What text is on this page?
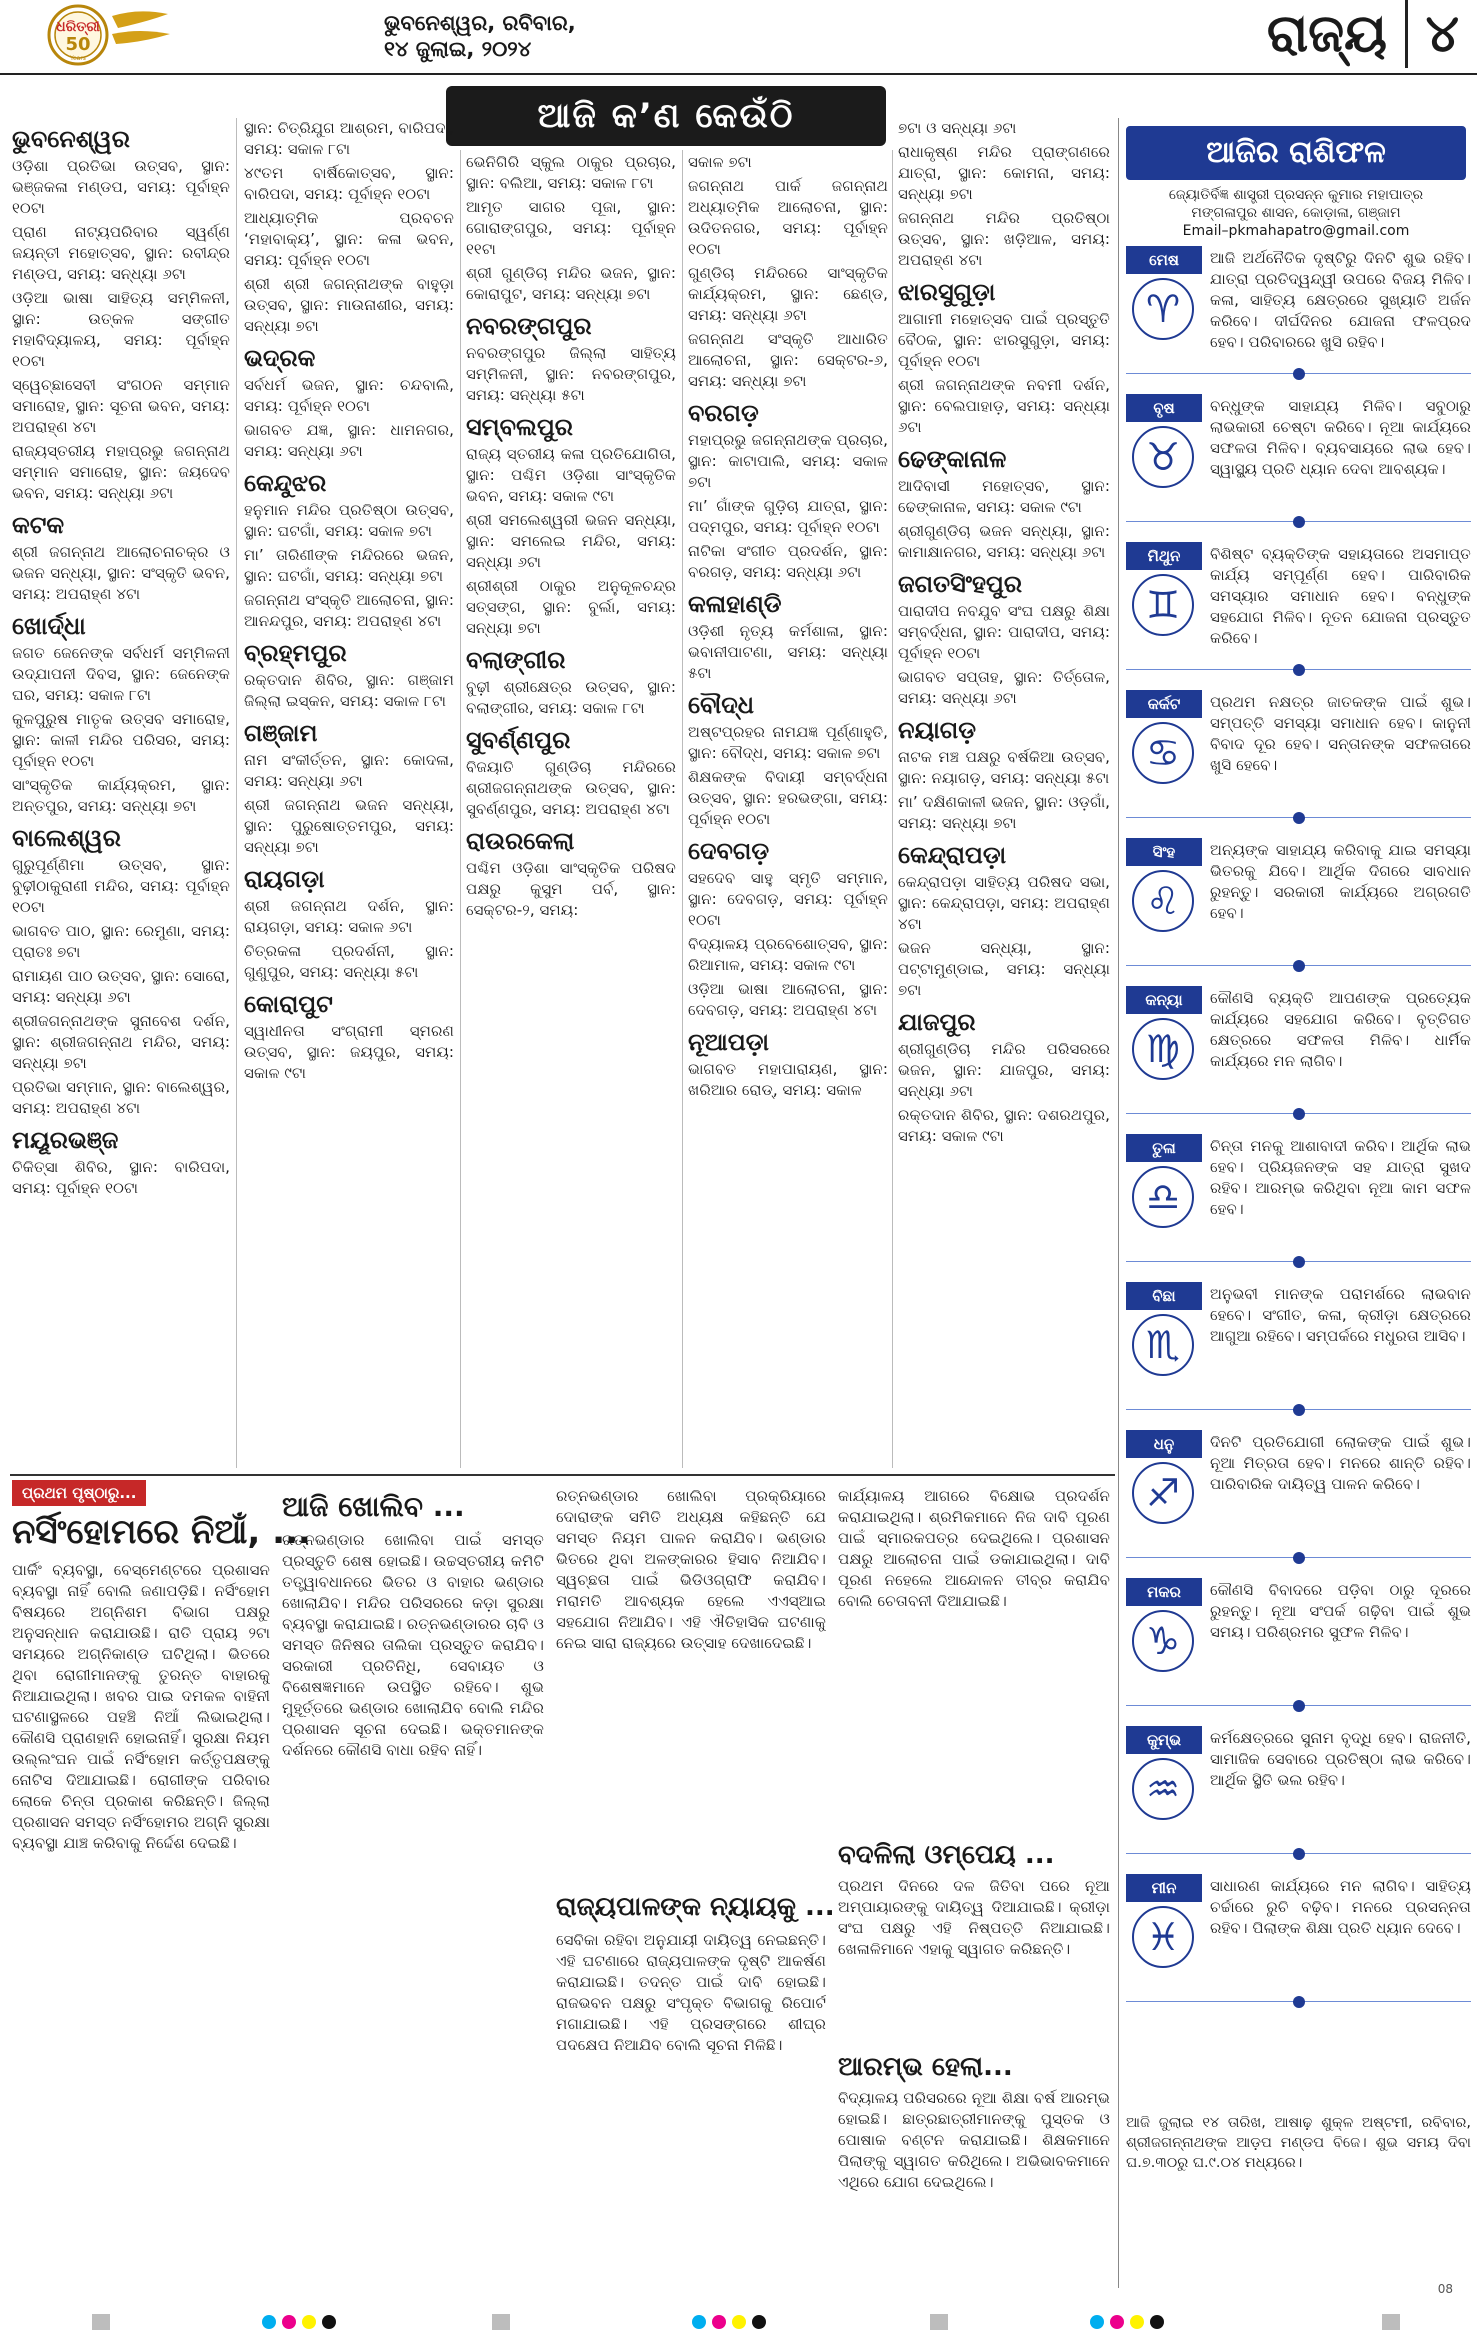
ଧରିତ୍ରୀ
50
Years
ଭୁବନେଶ୍ୱର, ରବିବାର,
୧୪ ଜୁଲାଇ, ୨୦୨୪	ରାଜ୍ୟ ୪
ଆଜି କ’ଣ କେଉଁଠି
ଭୁବନେଶ୍ୱର
ଓଡ଼ିଶା ପ୍ରତିଭା ଉତ୍ସବ, ସ୍ଥାନ: ଭଞ୍ଜକଳା ମଣ୍ଡପ, ସମୟ: ପୂର୍ବାହ୍ନ ୧୦ଟା
ପ୍ରାଣ ନାଟ୍ୟପରିବାର ସ୍ୱର୍ଣ୍ଣ ଜୟନ୍ତୀ ମହୋତ୍ସବ, ସ୍ଥାନ: ରବୀନ୍ଦ୍ର ମଣ୍ଡପ, ସମୟ: ସନ୍ଧ୍ୟା ୬ଟା
ଓଡ଼ିଆ ଭାଷା ସାହିତ୍ୟ ସମ୍ମିଳନୀ, ସ୍ଥାନ: ଉତ୍କଳ ସଙ୍ଗୀତ ମହାବିଦ୍ୟାଳୟ, ସମୟ: ପୂର୍ବାହ୍ନ ୧୦ଟା
ସ୍ୱେଚ୍ଛାସେବୀ ସଂଗଠନ ସମ୍ମାନ ସମାରୋହ, ସ୍ଥାନ: ସୂଚନା ଭବନ, ସମୟ: ଅପରାହ୍ଣ ୪ଟା
ରାଜ୍ୟସ୍ତରୀୟ ମହାପ୍ରଭୁ ଜଗନ୍ନାଥ ସମ୍ମାନ ସମାରୋହ, ସ୍ଥାନ: ଜୟଦେବ ଭବନ, ସମୟ: ସନ୍ଧ୍ୟା ୬ଟା
କଟକ
ଶ୍ରୀ ଜଗନ୍ନାଥ ଆଲୋଚନାଚକ୍ର ଓ ଭଜନ ସନ୍ଧ୍ୟା, ସ୍ଥାନ: ସଂସ୍କୃତି ଭବନ, ସମୟ: ଅପରାହ୍ଣ ୪ଟା
ଖୋର୍ଦ୍ଧା
ଜଗତ ଜେନେଙ୍କ ସର୍ବଧର୍ମ ସମ୍ମିଳନୀ ଉଦ୍‌ଯାପନୀ ଦିବସ, ସ୍ଥାନ: ଜେନେଙ୍କ ଘର, ସମୟ: ସକାଳ ୮ଟା
କୁଳପୁରୁଷ ମାତୃକ ଉତ୍ସବ ସମାରୋହ, ସ୍ଥାନ: କାଳୀ ମନ୍ଦିର ପରିସର, ସମୟ: ପୂର୍ବାହ୍ନ ୧୦ଟା
ସାଂସ୍କୃତିକ କାର୍ଯ୍ୟକ୍ରମ, ସ୍ଥାନ: ଅନ୍ତପୁର, ସମୟ: ସନ୍ଧ୍ୟା ୭ଟା
ବାଲେଶ୍ୱର
ଗୁରୁପୂର୍ଣ୍ଣିମା ଉତ୍ସବ, ସ୍ଥାନ: ବୁଢ଼ୀଠାକୁରାଣୀ ମନ୍ଦିର, ସମୟ: ପୂର୍ବାହ୍ନ ୧୦ଟା
ଭାଗବତ ପାଠ, ସ୍ଥାନ: ରେମୁଣା, ସମୟ: ପ୍ରାତଃ ୭ଟା
ରାମାୟଣ ପାଠ ଉତ୍ସବ, ସ୍ଥାନ: ସୋରୋ, ସମୟ: ସନ୍ଧ୍ୟା ୬ଟା
ଶ୍ରୀଜଗନ୍ନାଥଙ୍କ ସୁନାବେଶ ଦର୍ଶନ, ସ୍ଥାନ: ଶ୍ରୀଜଗନ୍ନାଥ ମନ୍ଦିର, ସମୟ: ସନ୍ଧ୍ୟା ୭ଟା
ପ୍ରତିଭା ସମ୍ମାନ, ସ୍ଥାନ: ବାଲେଶ୍ୱର, ସମୟ: ଅପରାହ୍ଣ ୪ଟା
ମୟୂରଭଞ୍ଜ
ଚିକିତ୍ସା ଶିବିର, ସ୍ଥାନ: ବାରିପଦା, ସମୟ: ପୂର୍ବାହ୍ନ ୧୦ଟା
ସ୍ଥାନ: ଚିତ୍ରିଯୁଗ ଆଶ୍ରମ, ବାରିପଦା, ସମୟ: ସକାଳ ୮ଟା
୪୯ତମ ବାର୍ଷିକୋତ୍ସବ, ସ୍ଥାନ: ବାରିପଦା, ସମୟ: ପୂର୍ବାହ୍ନ ୧୦ଟା
ଆଧ୍ୟାତ୍ମିକ ପ୍ରବଚନ ‘ମହାବାକ୍ୟ’, ସ୍ଥାନ: କଳା ଭବନ, ସମୟ: ପୂର୍ବାହ୍ନ ୧୦ଟା
ଶ୍ରୀ ଶ୍ରୀ ଜଗନ୍ନାଥଙ୍କ ବାହୁଡ଼ା ଉତ୍ସବ, ସ୍ଥାନ: ମାଉନାଶୀର, ସମୟ: ସନ୍ଧ୍ୟା ୭ଟା
ଭଦ୍ରକ
ସର୍ବଧର୍ମ ଭଜନ, ସ୍ଥାନ: ଚନ୍ଦବାଲି, ସମୟ: ପୂର୍ବାହ୍ନ ୧୦ଟା
ଭାଗବତ ଯଜ୍ଞ, ସ୍ଥାନ: ଧାମନଗର, ସମୟ: ସନ୍ଧ୍ୟା ୬ଟା
କେନ୍ଦୁଝର
ହନୁମାନ ମନ୍ଦିର ପ୍ରତିଷ୍ଠା ଉତ୍ସବ, ସ୍ଥାନ: ଘଟଗାଁ, ସମୟ: ସକାଳ ୭ଟା
ମା’ ତାରିଣୀଙ୍କ ମନ୍ଦିରରେ ଭଜନ, ସ୍ଥାନ: ଘଟଗାଁ, ସମୟ: ସନ୍ଧ୍ୟା ୭ଟା
ଜଗନ୍ନାଥ ସଂସ୍କୃତି ଆଲୋଚନା, ସ୍ଥାନ: ଆନନ୍ଦପୁର, ସମୟ: ଅପରାହ୍ଣ ୪ଟା
ବ୍ରହ୍ମପୁର
ରକ୍ତଦାନ ଶିବିର, ସ୍ଥାନ: ଗଞ୍ଜାମ ଜିଲ୍ଲା ଇସ୍କନ, ସମୟ: ସକାଳ ୮ଟା
ଗଞ୍ଜାମ
ନାମ ସଂକୀର୍ତ୍ତନ, ସ୍ଥାନ: କୋଦଳା, ସମୟ: ସନ୍ଧ୍ୟା ୬ଟା
ଶ୍ରୀ ଜଗନ୍ନାଥ ଭଜନ ସନ୍ଧ୍ୟା, ସ୍ଥାନ: ପୁରୁଷୋତ୍ତମପୁର, ସମୟ: ସନ୍ଧ୍ୟା ୭ଟା
ରାୟଗଡ଼ା
ଶ୍ରୀ ଜଗନ୍ନାଥ ଦର୍ଶନ, ସ୍ଥାନ: ରାୟଗଡ଼ା, ସମୟ: ସକାଳ ୬ଟା
ଚିତ୍ରକଳା ପ୍ରଦର୍ଶନୀ, ସ୍ଥାନ: ଗୁଣୁପୁର, ସମୟ: ସନ୍ଧ୍ୟା ୫ଟା
କୋରାପୁଟ
ସ୍ୱାଧୀନତା ସଂଗ୍ରାମୀ ସ୍ମରଣ ଉତ୍ସବ, ସ୍ଥାନ: ଜୟପୁର, ସମୟ: ସକାଳ ୯ଟା
ଭେନିଗିରି ସ୍କୁଲ ଠାକୁର ପ୍ରଚାର, ସ୍ଥାନ: ବଲିଆ, ସମୟ: ସକାଳ ୮ଟା
ଆମୃତ ସାଗର ପୂଜା, ସ୍ଥାନ: ଗୋରାଙ୍ଗପୁର, ସମୟ: ପୂର୍ବାହ୍ନ ୧୧ଟା
ଶ୍ରୀ ଗୁଣ୍ଡିଚା ମନ୍ଦିର ଭଜନ, ସ୍ଥାନ: କୋରାପୁଟ, ସମୟ: ସନ୍ଧ୍ୟା ୭ଟା
ନବରଙ୍ଗପୁର
ନବରଙ୍ଗପୁର ଜିଲ୍ଲା ସାହିତ୍ୟ ସମ୍ମିଳନୀ, ସ୍ଥାନ: ନବରଙ୍ଗପୁର, ସମୟ: ସନ୍ଧ୍ୟା ୫ଟା
ସମ୍ବଲପୁର
ରାଜ୍ୟ ସ୍ତରୀୟ କଳା ପ୍ରତିଯୋଗିତା, ସ୍ଥାନ: ପଶ୍ଚିମ ଓଡ଼ିଶା ସାଂସ୍କୃତିକ ଭବନ, ସମୟ: ସକାଳ ୯ଟା
ଶ୍ରୀ ସମଲେଶ୍ୱରୀ ଭଜନ ସନ୍ଧ୍ୟା, ସ୍ଥାନ: ସମଲେଇ ମନ୍ଦିର, ସମୟ: ସନ୍ଧ୍ୟା ୬ଟା
ଶ୍ରୀଶ୍ରୀ ଠାକୁର ଅନୁକୂଳଚନ୍ଦ୍ର ସତ୍ସଙ୍ଗ, ସ୍ଥାନ: ବୁର୍ଲା, ସମୟ: ସନ୍ଧ୍ୟା ୭ଟା
ବଲାଙ୍ଗୀର
ବୁଢ଼ୀ ଶ୍ରୀକ୍ଷେତ୍ର ଉତ୍ସବ, ସ୍ଥାନ: ବଲାଙ୍ଗୀର, ସମୟ: ସକାଳ ୮ଟା
ସୁବର୍ଣ୍ଣପୁର
ବିଜୟାତି ଗୁଣ୍ଡିଚା ମନ୍ଦିରରେ ଶ୍ରୀଜଗନ୍ନାଥଙ୍କ ଉତ୍ସବ, ସ୍ଥାନ: ସୁବର୍ଣ୍ଣପୁର, ସମୟ: ଅପରାହ୍ଣ ୪ଟା
ରାଉରକେଲା
ପଶ୍ଚିମ ଓଡ଼ିଶା ସାଂସ୍କୃତିକ ପରିଷଦ ପକ୍ଷରୁ କୁସୁମ ପର୍ବ, ସ୍ଥାନ: ସେକ୍ଟର-୨, ସମୟ:
ସକାଳ ୭ଟା
ଜଗନ୍ନାଥ ପାର୍କ ଜଗନ୍ନାଥ ଅଧ୍ୟାତ୍ମିକ ଆଲୋଚନା, ସ୍ଥାନ: ଉଦିତନଗର, ସମୟ: ପୂର୍ବାହ୍ନ ୧୦ଟା
ଗୁଣ୍ଡିଚା ମନ୍ଦିରରେ ସାଂସ୍କୃତିକ କାର୍ଯ୍ୟକ୍ରମ, ସ୍ଥାନ: ଛେଣ୍ଡ, ସମୟ: ସନ୍ଧ୍ୟା ୬ଟା
ଜଗନ୍ନାଥ ସଂସ୍କୃତି ଆଧାରିତ ଆଲୋଚନା, ସ୍ଥାନ: ସେକ୍ଟର-୬, ସମୟ: ସନ୍ଧ୍ୟା ୭ଟା
ବରଗଡ଼
ମହାପ୍ରଭୁ ଜଗନ୍ନାଥଙ୍କ ପ୍ରଚାର, ସ୍ଥାନ: କାଟାପାଲି, ସମୟ: ସକାଳ ୭ଟା
ମା’ ଗାଁଙ୍କ ଗୁଡ଼ିଚା ଯାତ୍ରା, ସ୍ଥାନ: ପଦ୍ମପୁର, ସମୟ: ପୂର୍ବାହ୍ନ ୧୦ଟା
ନାଟିକା ସଂଗୀତ ପ୍ରଦର୍ଶନ, ସ୍ଥାନ: ବରଗଡ଼, ସମୟ: ସନ୍ଧ୍ୟା ୬ଟା
କଳାହାଣ୍ଡି
ଓଡ଼ିଶୀ ନୃତ୍ୟ କର୍ମଶାଳା, ସ୍ଥାନ: ଭବାନୀପାଟଣା, ସମୟ: ସନ୍ଧ୍ୟା ୫ଟା
ବୌଦ୍ଧ
ଅଷ୍ଟପ୍ରହର ନାମଯଜ୍ଞ ପୂର୍ଣ୍ଣାହୁତି, ସ୍ଥାନ: ବୌଦ୍ଧ, ସମୟ: ସକାଳ ୭ଟା
ଶିକ୍ଷକଙ୍କ ବିଦାୟୀ ସମ୍ବର୍ଦ୍ଧନା ଉତ୍ସବ, ସ୍ଥାନ: ହରଭଙ୍ଗା, ସମୟ: ପୂର୍ବାହ୍ନ ୧୦ଟା
ଦେବଗଡ଼
ସହଦେବ ସାହୁ ସ୍ମୃତି ସମ୍ମାନ, ସ୍ଥାନ: ଦେବଗଡ଼, ସମୟ: ପୂର୍ବାହ୍ନ ୧୦ଟା
ବିଦ୍ୟାଳୟ ପ୍ରବେଶୋତ୍ସବ, ସ୍ଥାନ: ରିଆମାଳ, ସମୟ: ସକାଳ ୯ଟା
ଓଡ଼ିଆ ଭାଷା ଆଲୋଚନା, ସ୍ଥାନ: ଦେବଗଡ଼, ସମୟ: ଅପରାହ୍ଣ ୪ଟା
ନୂଆପଡ଼ା
ଭାଗବତ ମହାପାରାୟଣ, ସ୍ଥାନ: ଖରିଆର ରୋଡ୍, ସମୟ: ସକାଳ
୭ଟା ଓ ସନ୍ଧ୍ୟା ୬ଟା
ରାଧାକୃଷ୍ଣ ମନ୍ଦିର ପ୍ରାଙ୍ଗଣରେ ଯାତ୍ରା, ସ୍ଥାନ: କୋମନା, ସମୟ: ସନ୍ଧ୍ୟା ୭ଟା
ଜଗନ୍ନାଥ ମନ୍ଦିର ପ୍ରତିଷ୍ଠା ଉତ୍ସବ, ସ୍ଥାନ: ଖଡ଼ିଆଳ, ସମୟ: ଅପରାହ୍ଣ ୪ଟା
ଝାରସୁଗୁଡ଼ା
ଆଗାମୀ ମହୋତ୍ସବ ପାଇଁ ପ୍ରସ୍ତୁତି ବୈଠକ, ସ୍ଥାନ: ଝାରସୁଗୁଡ଼ା, ସମୟ: ପୂର୍ବାହ୍ନ ୧୦ଟା
ଶ୍ରୀ ଜଗନ୍ନାଥଙ୍କ ନବମୀ ଦର୍ଶନ, ସ୍ଥାନ: ବେଲପାହାଡ଼, ସମୟ: ସନ୍ଧ୍ୟା ୬ଟା
ଢେଙ୍କାନାଳ
ଆଦିବାସୀ ମହୋତ୍ସବ, ସ୍ଥାନ: ଢେଙ୍କାନାଳ, ସମୟ: ସକାଳ ୯ଟା
ଶ୍ରୀଗୁଣ୍ଡିଚା ଭଜନ ସନ୍ଧ୍ୟା, ସ୍ଥାନ: କାମାକ୍ଷାନଗର, ସମୟ: ସନ୍ଧ୍ୟା ୬ଟା
ଜଗତସିଂହପୁର
ପାରାଦୀପ ନବଯୁବ ସଂଘ ପକ୍ଷରୁ ଶିକ୍ଷା ସମ୍ବର୍ଦ୍ଧନା, ସ୍ଥାନ: ପାରାଦୀପ, ସମୟ: ପୂର୍ବାହ୍ନ ୧୦ଟା
ଭାଗବତ ସପ୍ତାହ, ସ୍ଥାନ: ତିର୍ତ୍ତୋଳ, ସମୟ: ସନ୍ଧ୍ୟା ୬ଟା
ନୟାଗଡ଼
ନାଟକ ମଞ୍ଚ ପକ୍ଷରୁ ବର୍ଷକିଆ ଉତ୍ସବ, ସ୍ଥାନ: ନୟାଗଡ଼, ସମୟ: ସନ୍ଧ୍ୟା ୫ଟା
ମା’ ଦକ୍ଷିଣକାଳୀ ଭଜନ, ସ୍ଥାନ: ଓଡ଼ଗାଁ, ସମୟ: ସନ୍ଧ୍ୟା ୭ଟା
କେନ୍ଦ୍ରାପଡ଼ା
କେନ୍ଦ୍ରାପଡ଼ା ସାହିତ୍ୟ ପରିଷଦ ସଭା, ସ୍ଥାନ: କେନ୍ଦ୍ରାପଡ଼ା, ସମୟ: ଅପରାହ୍ଣ ୪ଟା
ଭଜନ ସନ୍ଧ୍ୟା, ସ୍ଥାନ: ପଟ୍ଟାମୁଣ୍ଡାଇ, ସମୟ: ସନ୍ଧ୍ୟା ୭ଟା
ଯାଜପୁର
ଶ୍ରୀଗୁଣ୍ଡିଚା ମନ୍ଦିର ପରିସରରେ ଭଜନ, ସ୍ଥାନ: ଯାଜପୁର, ସମୟ: ସନ୍ଧ୍ୟା ୬ଟା
ରକ୍ତଦାନ ଶିବିର, ସ୍ଥାନ: ଦଶରଥପୁର, ସମୟ: ସକାଳ ୯ଟା
ଆଜିର ରାଶିଫଳ
ଜ୍ୟୋତିର୍ବିଜ୍ଞ ଶାସ୍ତ୍ରୀ ପ୍ରସନ୍ନ କୁମାର ମହାପାତ୍ର
ମଙ୍ଗଳାପୁର ଶାସନ, କୋଡ଼ାଳା, ଗଞ୍ଜାମ
Email–pkmahapatro@gmail.com
ମେଷ
♈
ଆଜି ଅର୍ଥନୈତିକ ଦୃଷ୍ଟିରୁ ଦିନଟି ଶୁଭ ରହିବ। ଯାତ୍ରା ପ୍ରତିଦ୍ୱନ୍ଦ୍ୱୀ ଉପରେ ବିଜୟ ମିଳିବ। କଳା, ସାହିତ୍ୟ କ୍ଷେତ୍ରରେ ସୁଖ୍ୟାତି ଅର୍ଜନ କରିବେ। ଦୀର୍ଘଦିନର ଯୋଜନା ଫଳପ୍ରଦ ହେବ। ପରିବାରରେ ଖୁସି ରହିବ।
ବୃଷ
♉
ବନ୍ଧୁଙ୍କ ସାହାଯ୍ୟ ମିଳିବ। ସବୁଠାରୁ ଲାଭକାରୀ ଚେଷ୍ଟା କରିବେ। ନୂଆ କାର୍ଯ୍ୟରେ ସଫଳତା ମିଳିବ। ବ୍ୟବସାୟରେ ଲାଭ ହେବ। ସ୍ୱାସ୍ଥ୍ୟ ପ୍ରତି ଧ୍ୟାନ ଦେବା ଆବଶ୍ୟକ।
ମିଥୁନ
♊
ବିଶିଷ୍ଟ ବ୍ୟକ୍ତିଙ୍କ ସହାୟତାରେ ଅସମାପ୍ତ କାର୍ଯ୍ୟ ସମ୍ପୂର୍ଣ୍ଣ ହେବ। ପାରିବାରିକ ସମସ୍ୟାର ସମାଧାନ ହେବ। ବନ୍ଧୁଙ୍କ ସହଯୋଗ ମିଳିବ। ନୂତନ ଯୋଜନା ପ୍ରସ୍ତୁତ କରିବେ।
କର୍କଟ
♋
ପ୍ରଥମ ନକ୍ଷତ୍ର ଜାତକଙ୍କ ପାଇଁ ଶୁଭ। ସମ୍ପତ୍ତି ସମସ୍ୟା ସମାଧାନ ହେବ। କାନୁନୀ ବିବାଦ ଦୂର ହେବ। ସନ୍ତାନଙ୍କ ସଫଳତାରେ ଖୁସି ହେବେ।
ସିଂହ
♌
ଅନ୍ୟଙ୍କ ସାହାଯ୍ୟ କରିବାକୁ ଯାଇ ସମସ୍ୟା ଭିତରକୁ ଯିବେ। ଆର୍ଥିକ ଦିଗରେ ସାବଧାନ ରୁହନ୍ତୁ। ସରକାରୀ କାର୍ଯ୍ୟରେ ଅଗ୍ରଗତି ହେବ।
କନ୍ୟା
♍
କୌଣସି ବ୍ୟକ୍ତି ଆପଣଙ୍କ ପ୍ରତେ୍ୟକ କାର୍ଯ୍ୟରେ ସହଯୋଗ କରିବେ। ବୃତ୍ତିଗତ କ୍ଷେତ୍ରରେ ସଫଳତା ମିଳିବ। ଧାର୍ମିକ କାର୍ଯ୍ୟରେ ମନ ଲାଗିବ।
ତୁଳା
♎
ଚିନ୍ତା ମନକୁ ଆଶାବାଦୀ କରିବ। ଆର୍ଥିକ ଲାଭ ହେବ। ପ୍ରିୟଜନଙ୍କ ସହ ଯାତ୍ରା ସୁଖଦ ରହିବ। ଆରମ୍ଭ କରିଥିବା ନୂଆ କାମ ସଫଳ ହେବ।
ବିଛା
♏
ଅନୁଭବୀ ମାନଙ୍କ ପରାମର୍ଶରେ ଲାଭବାନ ହେବେ। ସଂଗୀତ, କଳା, କ୍ରୀଡ଼ା କ୍ଷେତ୍ରରେ ଆଗୁଆ ରହିବେ। ସମ୍ପର୍କରେ ମଧୁରତା ଆସିବ।
ଧନୁ
♐
ଦିନଟି ପ୍ରତିଯୋଗୀ ଲୋକଙ୍କ ପାଇଁ ଶୁଭ। ନୂଆ ମିତ୍ରତା ହେବ। ମନରେ ଶାନ୍ତି ରହିବ। ପାରିବାରିକ ଦାୟିତ୍ୱ ପାଳନ କରିବେ।
ମକର
♑
କୌଣସି ବିବାଦରେ ପଡ଼ିବା ଠାରୁ ଦୂରରେ ରୁହନ୍ତୁ। ନୂଆ ସଂପର୍କ ଗଢ଼ିବା ପାଇଁ ଶୁଭ ସମୟ। ପରିଶ୍ରମର ସୁଫଳ ମିଳିବ।
କୁମ୍ଭ
♒
କର୍ମକ୍ଷେତ୍ରରେ ସୁନାମ ବୃଦ୍ଧି ହେବ। ରାଜନୀତି, ସାମାଜିକ ସେବାରେ ପ୍ରତିଷ୍ଠା ଲାଭ କରିବେ। ଆର୍ଥିକ ସ୍ଥିତି ଭଲ ରହିବ।
ମୀନ
♓
ସାଧାରଣ କାର୍ଯ୍ୟରେ ମନ ଲାଗିବ। ସାହିତ୍ୟ ଚର୍ଚ୍ଚାରେ ରୁଚି ବଢ଼ିବ। ମନରେ ପ୍ରସନ୍ନତା ରହିବ। ପିଲାଙ୍କ ଶିକ୍ଷା ପ୍ରତି ଧ୍ୟାନ ଦେବେ।
ଆଜି ଜୁଲାଇ ୧୪ ତାରିଖ, ଆଷାଢ଼ ଶୁକ୍ଳ ଅଷ୍ଟମୀ, ରବିବାର, ଶ୍ରୀଜଗନ୍ନାଥଙ୍କ ଆଡ଼ପ ମଣ୍ଡପ ବିଜେ। ଶୁଭ ସମୟ ଦିବା ଘ.୭.୩୦ରୁ ଘ.୯.୦୪ ମଧ୍ୟରେ।
ପ୍ରଥମ ପୃଷ୍ଠାରୁ...
ନର୍ସିଂହୋମରେ ନିଆଁ, ...
ପାର୍କିଂ ବ୍ୟବସ୍ଥା, ବେସ୍‌ମେଣ୍ଟରେ ପ୍ରଶାସନ ବ୍ୟବସ୍ଥା ନାହିଁ ବୋଲି ଜଣାପଡ଼ିଛି। ନର୍ସିଂହୋମ ବିଷୟରେ ଅଗ୍ନିଶମ ବିଭାଗ ପକ୍ଷରୁ ଅନୁସନ୍ଧାନ କରାଯାଉଛି। ରାତି ପ୍ରାୟ ୨ଟା ସମୟରେ ଅଗ୍ନିକାଣ୍ଡ ଘଟିଥିଲା। ଭିତରେ ଥିବା ରୋଗୀମାନଙ୍କୁ ତୁରନ୍ତ ବାହାରକୁ ନିଆଯାଇଥିଲା। ଖବର ପାଇ ଦମକଳ ବାହିନୀ ଘଟଣାସ୍ଥଳରେ ପହଞ୍ଚି ନିଆଁ ଲିଭାଇଥିଲା। କୌଣସି ପ୍ରାଣହାନି ହୋଇନାହିଁ। ସୁରକ୍ଷା ନିୟମ ଉଲ୍ଲଂଘନ ପାଇଁ ନର୍ସିଂହୋମ କର୍ତ୍ତୃପକ୍ଷଙ୍କୁ ନୋଟିସ ଦିଆଯାଇଛି। ରୋଗୀଙ୍କ ପରିବାର ଲୋକେ ଚିନ୍ତା ପ୍ରକାଶ କରିଛନ୍ତି। ଜିଲ୍ଲା ପ୍ରଶାସନ ସମସ୍ତ ନର୍ସିଂହୋମର ଅଗ୍ନି ସୁରକ୍ଷା ବ୍ୟବସ୍ଥା ଯାଞ୍ଚ କରିବାକୁ ନିର୍ଦ୍ଦେଶ ଦେଇଛି।
ଆଜି ଖୋଲିବ ...
ରତ୍ନଭଣ୍ଡାର ଖୋଲିବା ପାଇଁ ସମସ୍ତ ପ୍ରସ୍ତୁତି ଶେଷ ହୋଇଛି। ଉଚ୍ଚସ୍ତରୀୟ କମିଟି ତତ୍ତ୍ୱାବଧାନରେ ଭିତର ଓ ବାହାର ଭଣ୍ଡାର ଖୋଲାଯିବ। ମନ୍ଦିର ପରିସରରେ କଡ଼ା ସୁରକ୍ଷା ବ୍ୟବସ୍ଥା କରାଯାଇଛି। ରତ୍ନଭଣ୍ଡାରର ଚାବି ଓ ସମସ୍ତ ଜିନିଷର ତାଲିକା ପ୍ରସ୍ତୁତ କରାଯିବ। ସରକାରୀ ପ୍ରତିନିଧି, ସେବାୟତ ଓ ବିଶେଷଜ୍ଞମାନେ ଉପସ୍ଥିତ ରହିବେ। ଶୁଭ ମୁହୂର୍ତ୍ତରେ ଭଣ୍ଡାର ଖୋଲାଯିବ ବୋଲି ମନ୍ଦିର ପ୍ରଶାସନ ସୂଚନା ଦେଇଛି। ଭକ୍ତମାନଙ୍କ ଦର୍ଶନରେ କୌଣସି ବାଧା ରହିବ ନାହିଁ।
ରତ୍ନଭଣ୍ଡାର ଖୋଲିବା ପ୍ରକ୍ରିୟାରେ ଦୋରାଙ୍କ ସମିତି ଅଧ୍ୟକ୍ଷ କହିଛନ୍ତି ଯେ ସମସ୍ତ ନିୟମ ପାଳନ କରାଯିବ। ଭଣ୍ଡାର ଭିତରେ ଥିବା ଅଳଙ୍କାରର ହିସାବ ନିଆଯିବ। ସ୍ୱଚ୍ଛତା ପାଇଁ ଭିଡିଓଗ୍ରାଫି କରାଯିବ। ମରାମତି ଆବଶ୍ୟକ ହେଲେ ଏଏସ୍‌ଆଇ ସହଯୋଗ ନିଆଯିବ। ଏହି ଐତିହାସିକ ଘଟଣାକୁ ନେଇ ସାରା ରାଜ୍ୟରେ ଉତ୍ସାହ ଦେଖାଦେଇଛି।
ରାଜ୍ୟପାଳଙ୍କ ନ୍ୟାୟକୁ ...
ସେବିକା ରହିବା ଅନୁଯାୟୀ ଦାୟିତ୍ୱ ନେଇଛନ୍ତି। ଏହି ଘଟଣାରେ ରାଜ୍ୟପାଳଙ୍କ ଦୃଷ୍ଟି ଆକର୍ଷଣ କରାଯାଇଛି। ତଦନ୍ତ ପାଇଁ ଦାବି ହୋଇଛି। ରାଜଭବନ ପକ୍ଷରୁ ସଂପୃକ୍ତ ବିଭାଗକୁ ରିପୋର୍ଟ ମଗାଯାଇଛି। ଏହି ପ୍ରସଙ୍ଗରେ ଶୀଘ୍ର ପଦକ୍ଷେପ ନିଆଯିବ ବୋଲି ସୂଚନା ମିଳିଛି।
କାର୍ଯ୍ୟାଳୟ ଆଗରେ ବିକ୍ଷୋଭ ପ୍ରଦର୍ଶନ କରାଯାଇଥିଲା। ଶ୍ରମିକମାନେ ନିଜ ଦାବି ପୂରଣ ପାଇଁ ସ୍ମାରକପତ୍ର ଦେଇଥିଲେ। ପ୍ରଶାସନ ପକ୍ଷରୁ ଆଲୋଚନା ପାଇଁ ଡକାଯାଇଥିଲା। ଦାବି ପୂରଣ ନହେଲେ ଆନ୍ଦୋଳନ ତୀବ୍ର କରାଯିବ ବୋଲି ଚେତାବନୀ ଦିଆଯାଇଛି।
ବଦଳିଲା ଓମ୍ପେୟ ...
ପ୍ରଥମ ଦିନରେ ଦଳ ଜିତିବା ପରେ ନୂଆ ଅମ୍ପାୟାରଙ୍କୁ ଦାୟିତ୍ୱ ଦିଆଯାଇଛି। କ୍ରୀଡ଼ା ସଂଘ ପକ୍ଷରୁ ଏହି ନିଷ୍ପତ୍ତି ନିଆଯାଇଛି। ଖେଳାଳିମାନେ ଏହାକୁ ସ୍ୱାଗତ କରିଛନ୍ତି।
ଆରମ୍ଭ ହେଲା...
ବିଦ୍ୟାଳୟ ପରିସରରେ ନୂଆ ଶିକ୍ଷା ବର୍ଷ ଆରମ୍ଭ ହୋଇଛି। ଛାତ୍ରଛାତ୍ରୀମାନଙ୍କୁ ପୁସ୍ତକ ଓ ପୋଷାକ ବଣ୍ଟନ କରାଯାଇଛି। ଶିକ୍ଷକମାନେ ପିଲାଙ୍କୁ ସ୍ୱାଗତ କରିଥିଲେ। ଅଭିଭାବକମାନେ ଏଥିରେ ଯୋଗ ଦେଇଥିଲେ।
08
